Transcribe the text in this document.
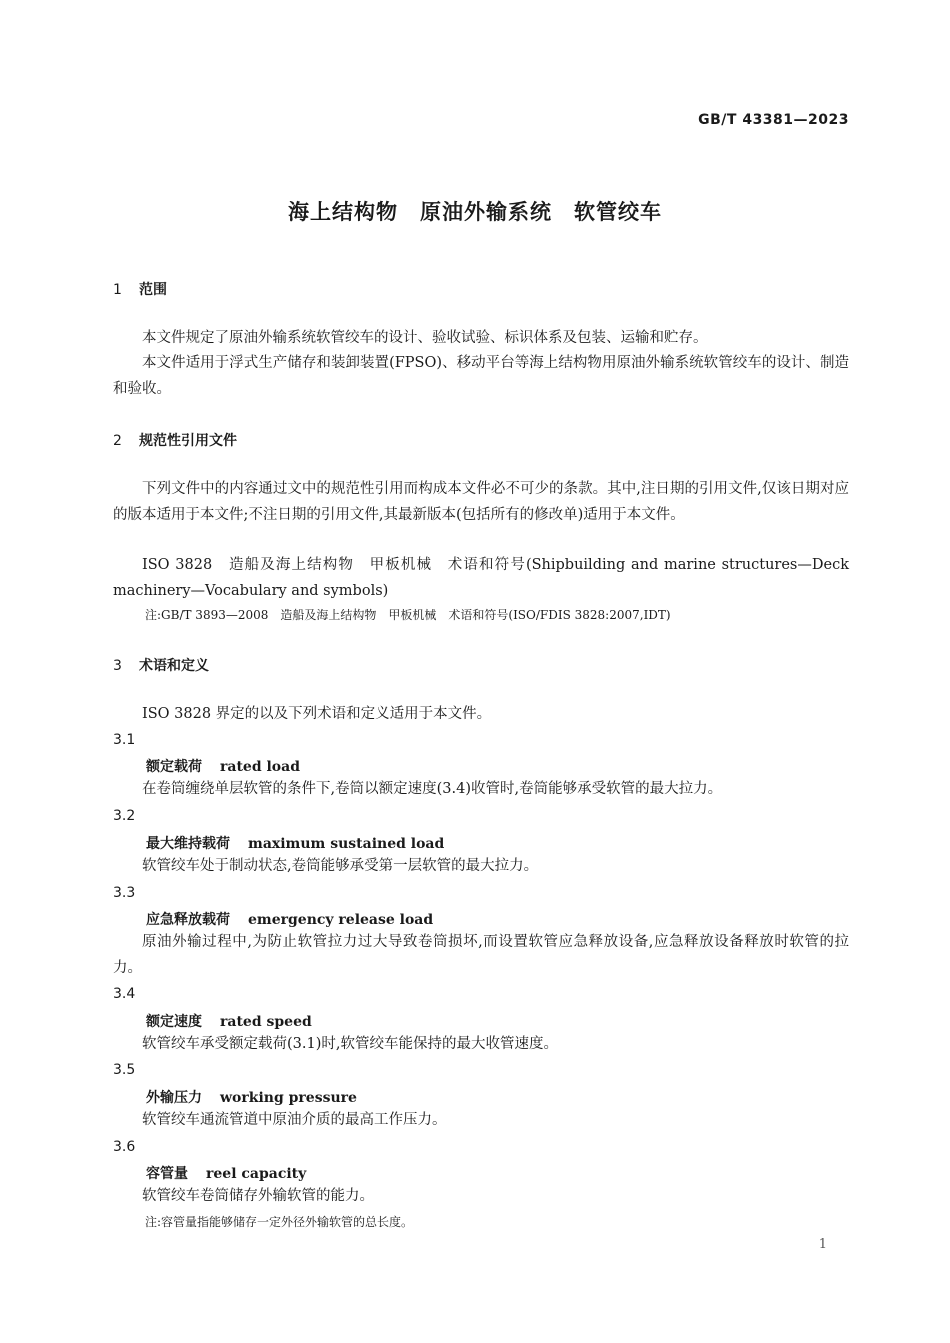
GB/T 43381—2023
海上结构物　原油外输系统　软管绞车
1 范围
本文件规定了原油外输系统软管绞车的设计、验收试验、标识体系及包装、运输和贮存。
本文件适用于浮式生产储存和装卸装置(FPSO)、移动平台等海上结构物用原油外输系统软管绞车的设计、制造和验收。
2 规范性引用文件
下列文件中的内容通过文中的规范性引用而构成本文件必不可少的条款。其中,注日期的引用文件,仅该日期对应的版本适用于本文件;不注日期的引用文件,其最新版本(包括所有的修改单)适用于本文件。
ISO 3828　造船及海上结构物　甲板机械　术语和符号(Shipbuilding and marine structures—Deck machinery—Vocabulary and symbols)
注:GB/T 3893—2008　造船及海上结构物　甲板机械　术语和符号(ISO/FDIS 3828:2007,IDT)
3 术语和定义
ISO 3828 界定的以及下列术语和定义适用于本文件。
3.1
额定载荷 rated load
在卷筒缠绕单层软管的条件下,卷筒以额定速度(3.4)收管时,卷筒能够承受软管的最大拉力。
3.2
最大维持载荷 maximum sustained load
软管绞车处于制动状态,卷筒能够承受第一层软管的最大拉力。
3.3
应急释放载荷 emergency release load
原油外输过程中,为防止软管拉力过大导致卷筒损坏,而设置软管应急释放设备,应急释放设备释放时软管的拉力。
3.4
额定速度 rated speed
软管绞车承受额定载荷(3.1)时,软管绞车能保持的最大收管速度。
3.5
外输压力 working pressure
软管绞车通流管道中原油介质的最高工作压力。
3.6
容管量 reel capacity
软管绞车卷筒储存外输软管的能力。
注:容管量指能够储存一定外径外输软管的总长度。
1
